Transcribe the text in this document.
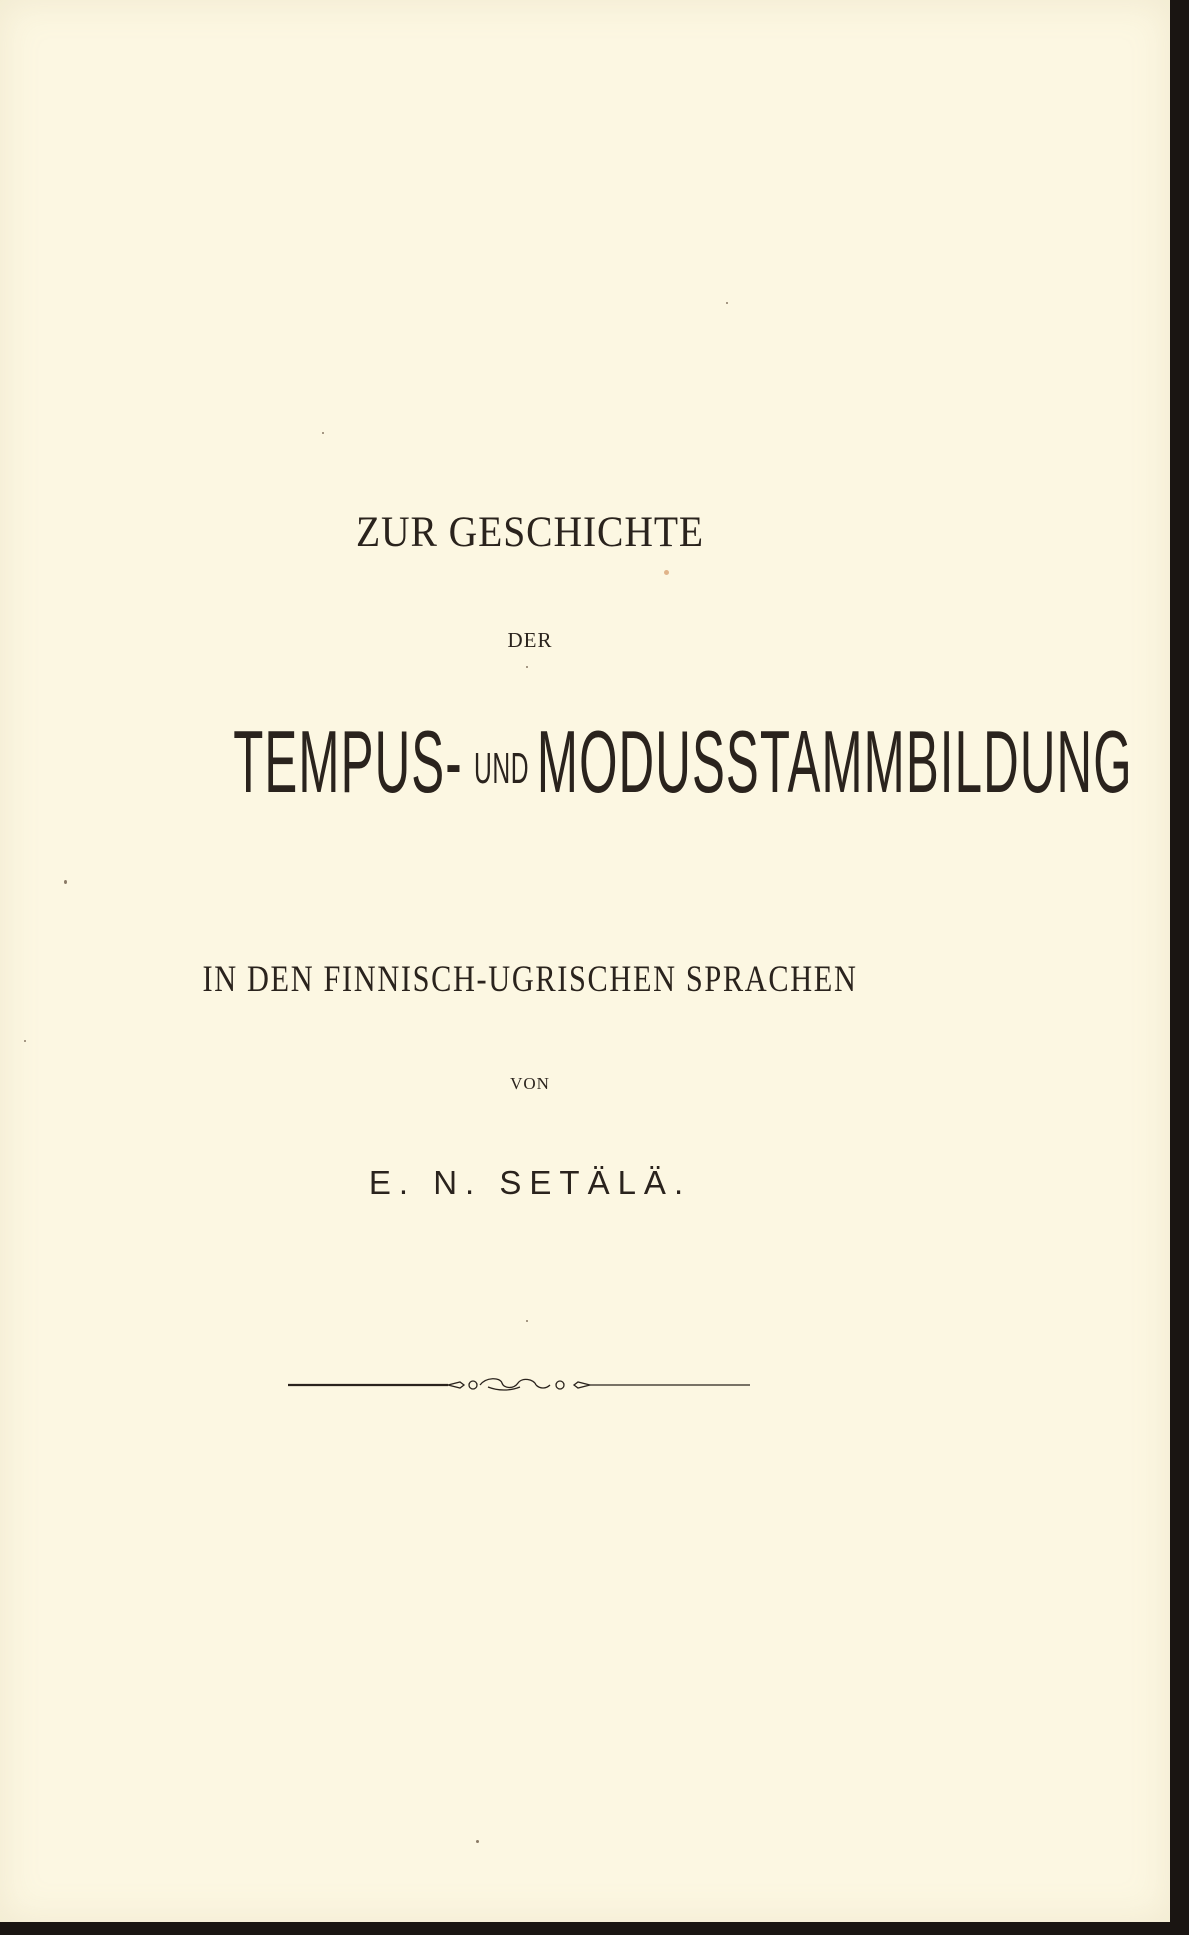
ZUR GESCHICHTE
DER
TEMPUS- UNDMODUSSTAMMBILDUNG
IN DEN FINNISCH-UGRISCHEN SPRACHEN
VON
E. N. SETÄLÄ.
